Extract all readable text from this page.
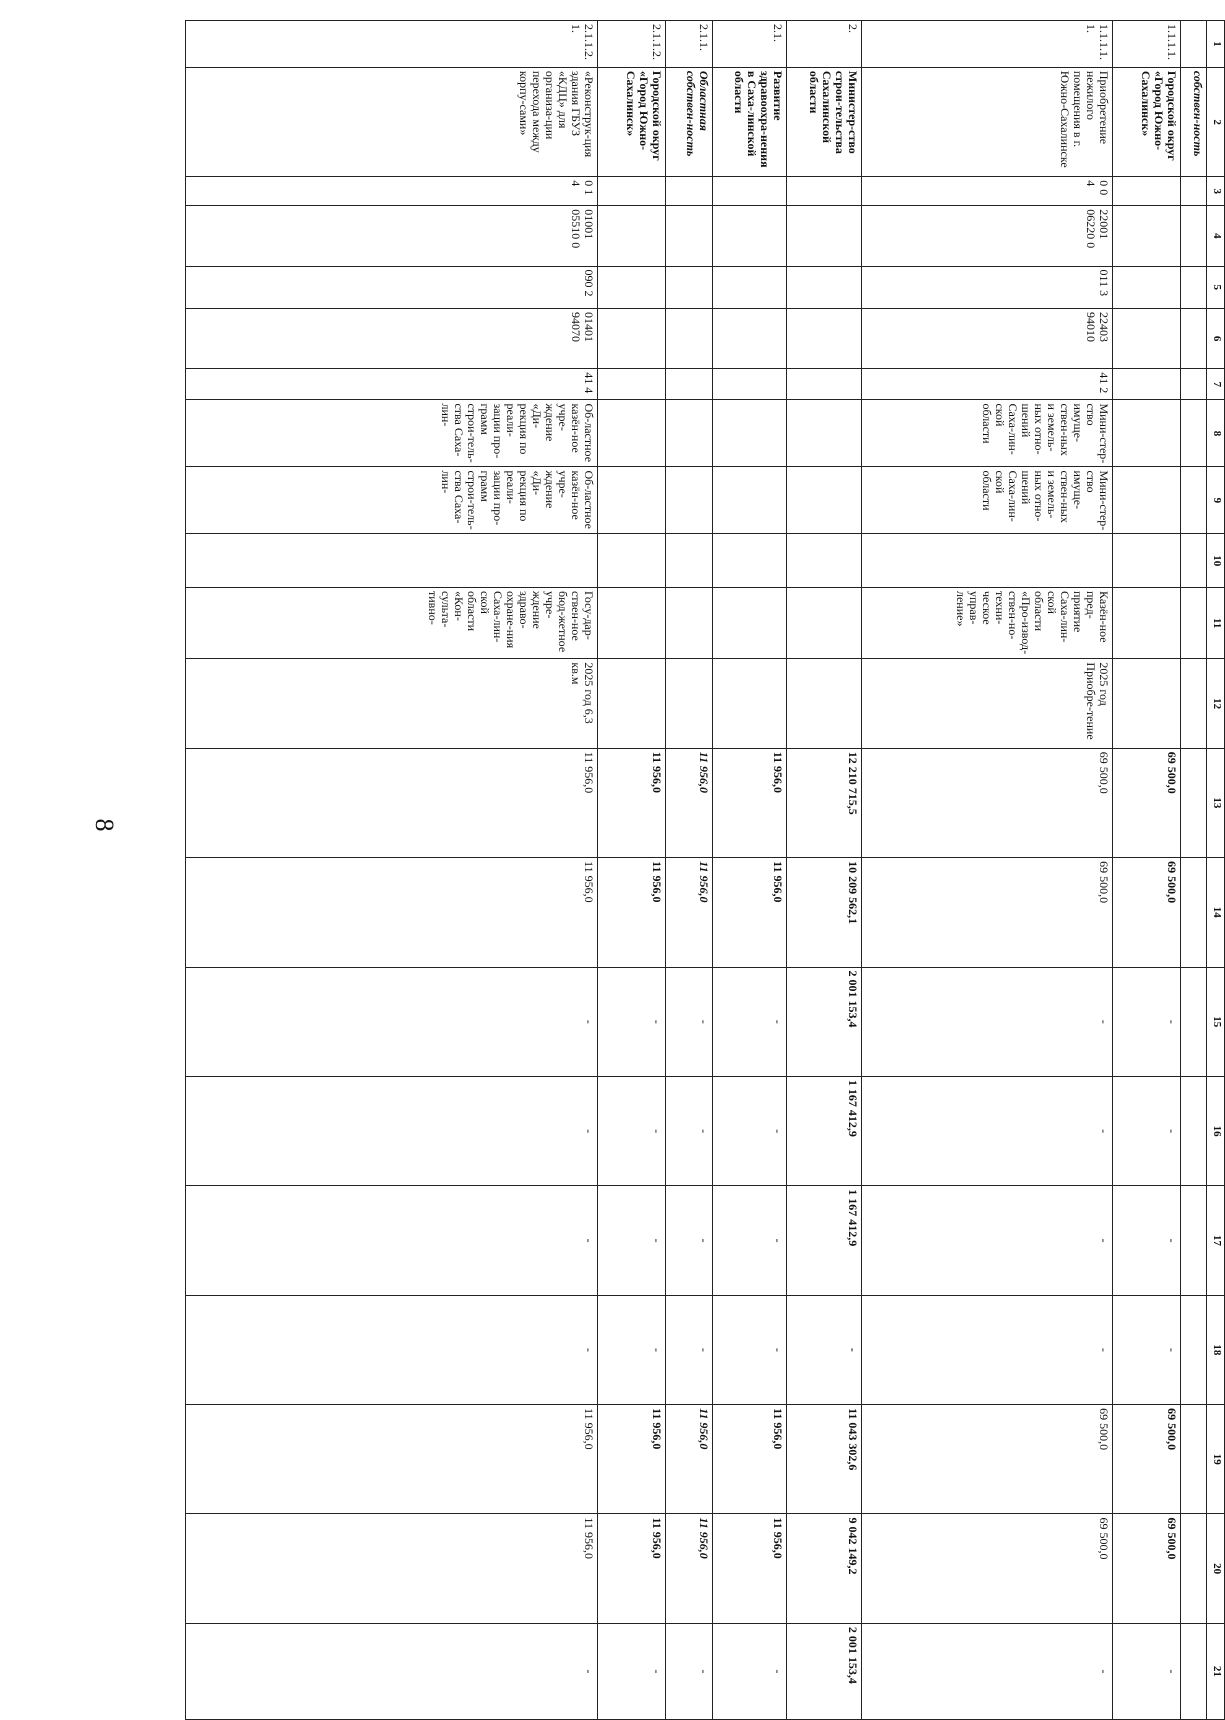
8
1	2	3	4	5	6	7	8	9	10	11	12	13	14	15	16	17	18	19	20	21
	собствен-ность																			
1.1.1.1.	Городской округ «Город Южно-Сахалинск»											69 500,0	69 500,0	-	-	-	-	69 500,0	69 500,0	-
1.1.1.1.1.	Приобретение нежилого помещения в г. Южно-Сахалинске	0 0 4	22001 06220 0	011 3	22403 94010	41 2	Мини-стер-ство имуще-ствен-ных и земель-ных отно-шений Саха-лин-ской области	Мини-стер-ство имуще-ствен-ных и земель-ных отно-шений Саха-лин-ской области		Казён-ное пред-приятие Саха-лин-ской области «Про-извод-ствен-но-техни-ческое управ-ление»	2025 год Приобре-тение	69 500,0	69 500,0	-	-	-	-	69 500,0	69 500,0	-
2.	Министер-ство строи-тельства Сахалинской области											12 210 715,5	10 209 562,1	2 001 153,4	1 167 412,9	1 167 412,9	-	11 043 302,6	9 042 149,2	2 001 153,4
2.1.	Развитие здравоохра-нения в Саха-линской области											11 956,0	11 956,0	-	-	-	-	11 956,0	11 956,0	-
2.1.1.	Областная собствен-ность											11 956,0	11 956,0	-	-	-	-	11 956,0	11 956,0	-
2.1.1.2.	Городской округ «Город Южно-Сахалинск»											11 956,0	11 956,0	-	-	-	-	11 956,0	11 956,0	-
2.1.1.2.1.	«Реконструк-ция здания ГБУЗ «КДЦ» для организа-ции перехода между корпу-сами»	0 1 4	01001 05510 0	090 2	01401 94070	41 4	Об-ластное казён-ное учре-ждение «Ди-рекция по реали-зации про-грамм строи-тель-ства Саха-лин-	Об-ластное казён-ное учре-ждение «Ди-рекция по реали-зации про-грамм строи-тель-ства Саха-лин-		Госу-дар-ствен-ное бюд-жетное учре-ждение здраво-охране-ния Саха-лин-ской области «Кон-сульта-тивно-	2025 год 6,3 кв.м	11 956,0	11 956,0	-	-	-	-	11 956,0	11 956,0	-
